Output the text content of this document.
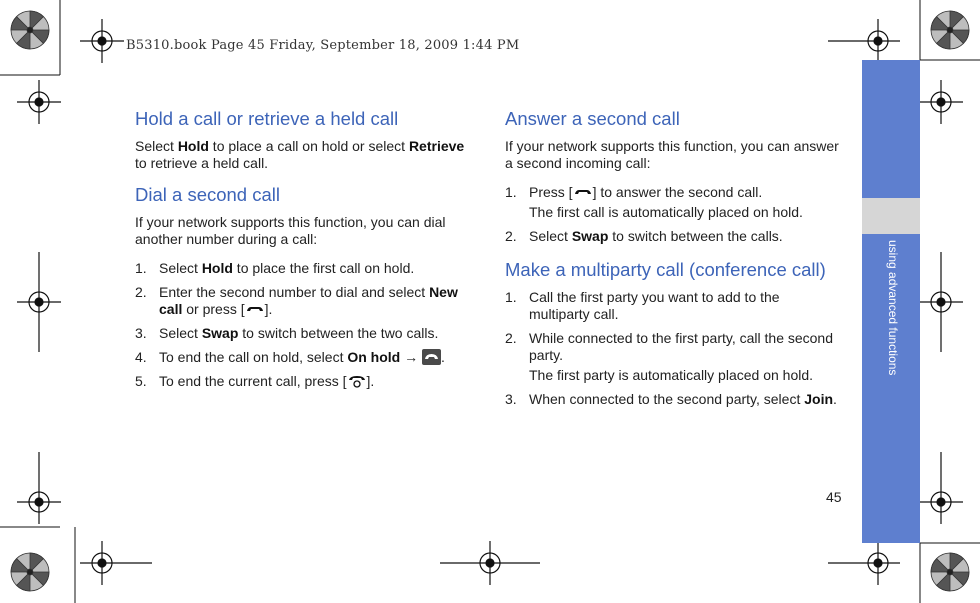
B5310.book Page 45 Friday, September 18, 2009 1:44 PM
using advanced functions
45
Hold a call or retrieve a held call

Select Hold to place a call on hold or select Retrieve to retrieve a held call.

Dial a second call

If your network supports this function, you can dial another number during a call:

1. Select Hold to place the first call on hold.
2. Enter the second number to dial and select New call or press [ ].
3. Select Swap to switch between the two calls.
4. To end the call on hold, select On hold → .
5. To end the current call, press [ ].
Answer a second call

If your network supports this function, you can answer a second incoming call:

1. Press [ ] to answer the second call.
The first call is automatically placed on hold.
2. Select Swap to switch between the calls.
Make a multiparty call (conference call)
1. Call the first party you want to add to the multiparty call.
2. While connected to the first party, call the second party.
The first party is automatically placed on hold.
3. When connected to the second party, select Join.
